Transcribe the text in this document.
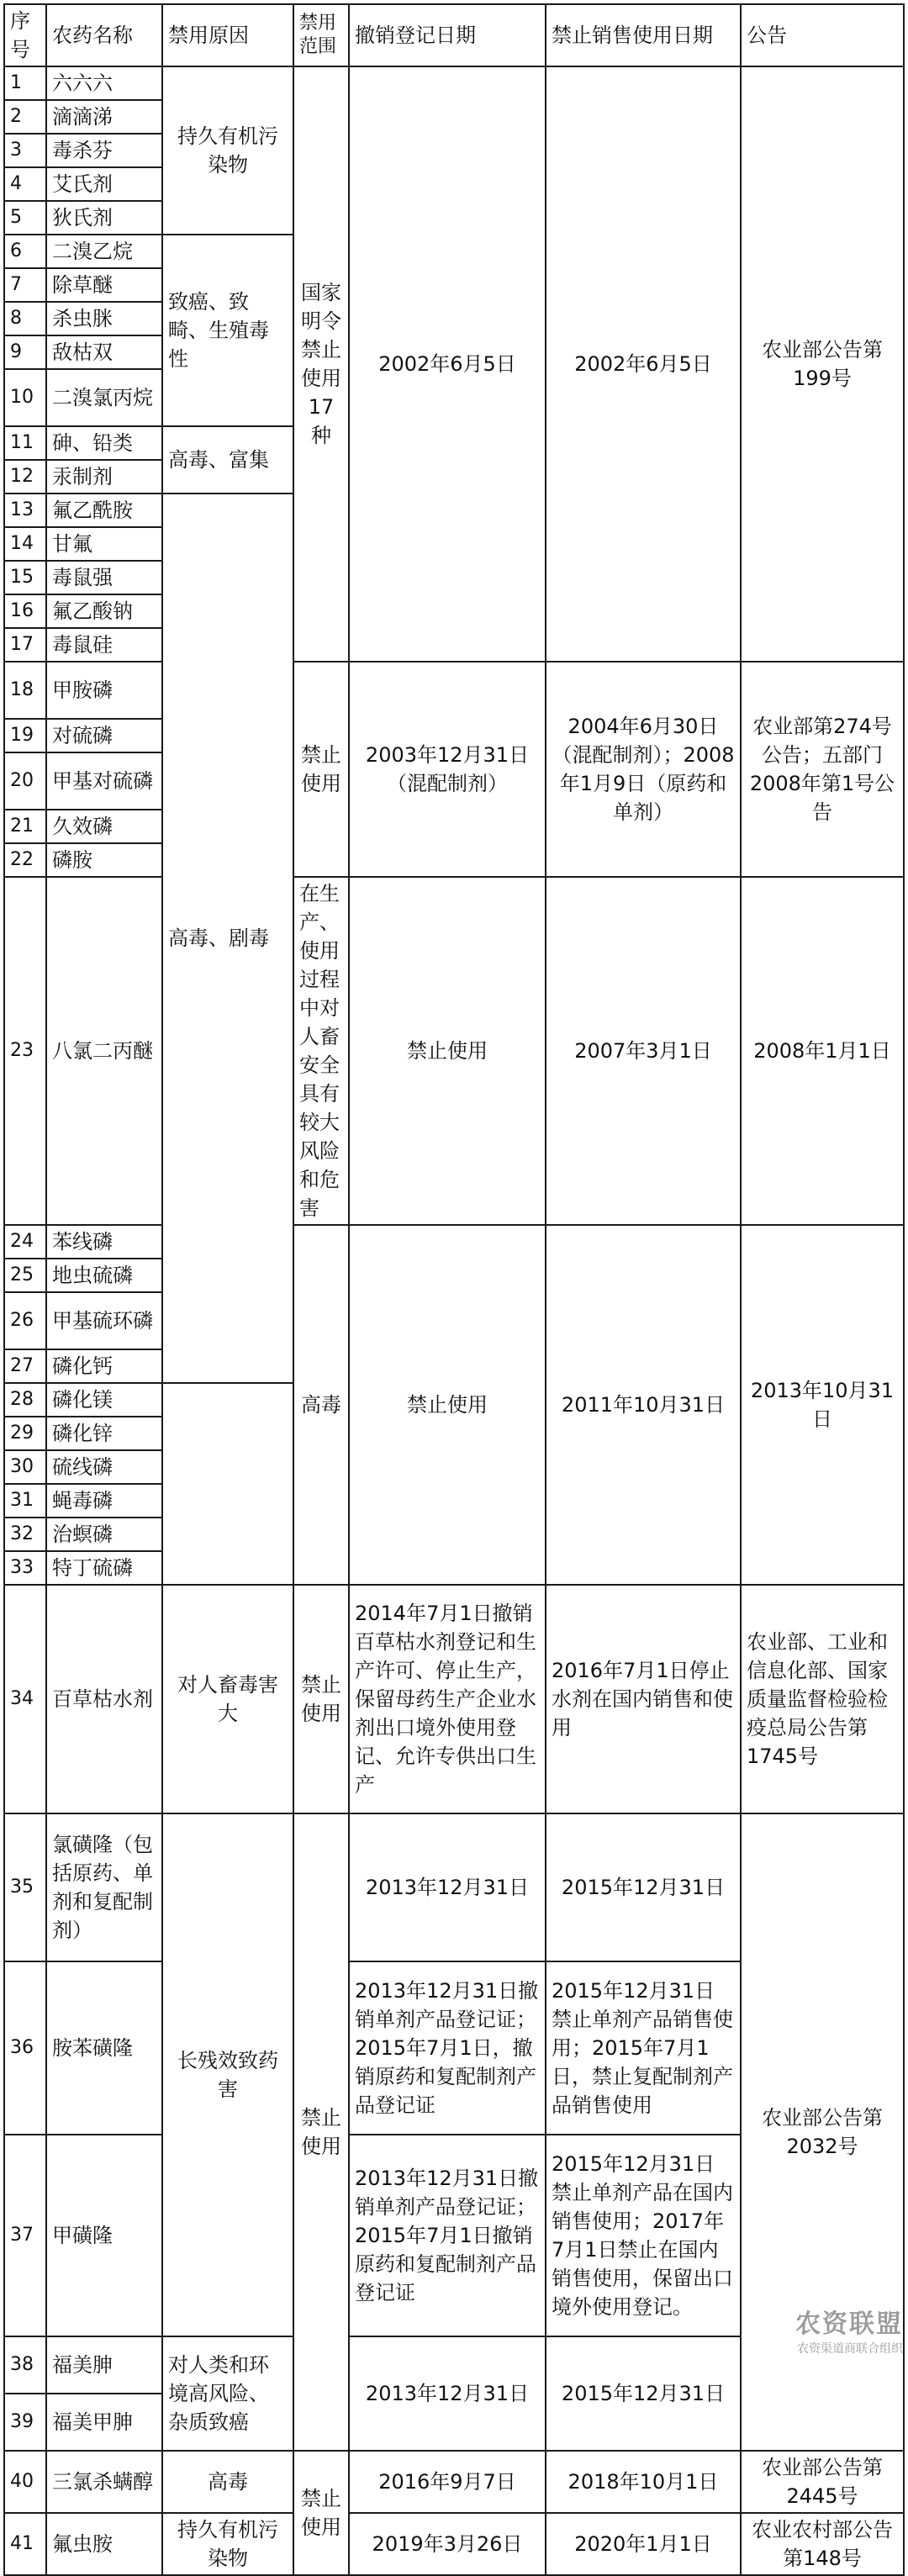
序号	农药名称	禁用原因	禁用范围	撤销登记日期	禁止销售使用日期	公告	
1	六六六	持久有机污染物	国家明令禁止使用17种	2002年6月5日	2002年6月5日	农业部公告第199号	
2	滴滴涕						
3	毒杀芬						
4	艾氏剂						
5	狄氏剂						
6	二溴乙烷	致癌、致畸、生殖毒性					
7	除草醚						
8	杀虫脒						
9	敌枯双						
10	二溴氯丙烷						
11	砷、铅类	高毒、富集					
12	汞制剂						
13	氟乙酰胺	高毒、剧毒					
14	甘氟						
15	毒鼠强						
16	氟乙酸钠						
17	毒鼠硅						
18	甲胺磷		禁止使用	2003年12月31日（混配制剂）	2004年6月30日（混配制剂）；2008年1月9日（原药和单剂）	农业部第274号公告；五部门2008年第1号公告	
19	对硫磷						
20	甲基对硫磷						
21	久效磷						
22	磷胺						
23	八氯二丙醚		在生产、使用过程中对人畜安全具有较大风险和危害	禁止使用	2007年3月1日	2008年1月1日	
24	苯线磷		高毒	禁止使用	2011年10月31日	2013年10月31日	
25	地虫硫磷						
26	甲基硫环磷						
27	磷化钙						
28	磷化镁						
29	磷化锌						
30	硫线磷						
31	蝇毒磷						
32	治螟磷						
33	特丁硫磷						
34	百草枯水剂	对人畜毒害大	禁止使用	2014年7月1日撤销百草枯水剂登记和生产许可、停止生产，保留母药生产企业水剂出口境外使用登记、允许专供出口生产	2016年7月1日停止水剂在国内销售和使用	农业部、工业和信息化部、国家质量监督检验检疫总局公告第1745号	
35	氯磺隆（包括原药、单剂和复配制剂）	长残效致药害	禁止使用	2013年12月31日	2015年12月31日	农业部公告第2032号	
36	胺苯磺隆			2013年12月31日撤销单剂产品登记证；2015年7月1日，撤销原药和复配制剂产品登记证	2015年12月31日禁止单剂产品销售使用；2015年7月1日，禁止复配制剂产品销售使用		
37	甲磺隆			2013年12月31日撤销单剂产品登记证；2015年7月1日撤销原药和复配制剂产品登记证	2015年12月31日禁止单剂产品在国内销售使用；2017年7月1日禁止在国内销售使用，保留出口境外使用登记。		
38	福美胂	对人类和环境高风险、杂质致癌		2013年12月31日	2015年12月31日		
39	福美甲胂						
40	三氯杀螨醇	高毒	禁止使用	2016年9月7日	2018年10月1日	农业部公告第2445号	
41	氟虫胺	持久有机污染物		2019年3月26日	2020年1月1日	农业农村部公告第148号	
农资联盟
农资渠道商联合组织
